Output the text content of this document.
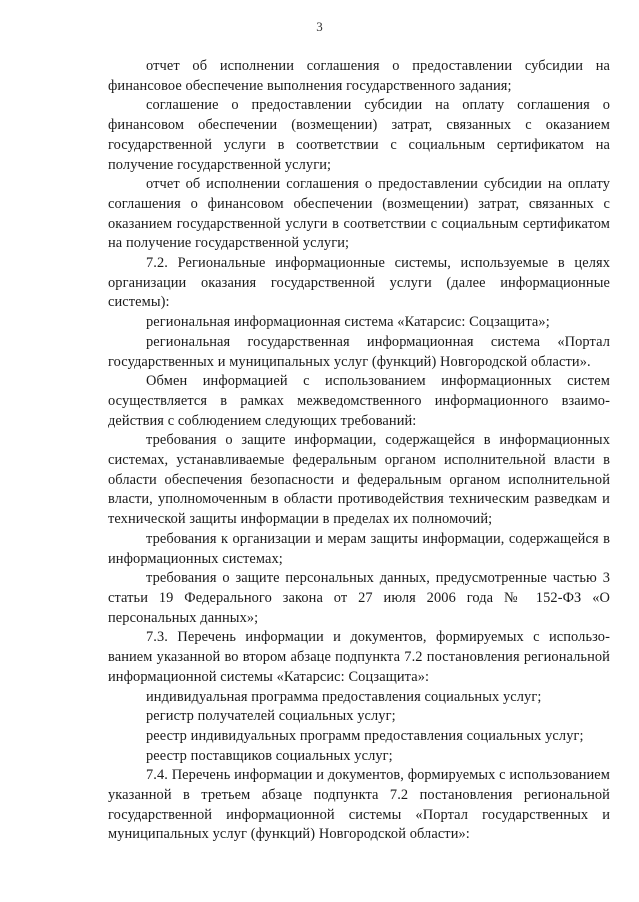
3

отчет об исполнении соглашения о предоставлении субсидии на финансовое обеспечение выполнения государственного задания;

соглашение о предоставлении субсидии на оплату соглашения о финансовом обеспечении (возмещении) затрат, связанных с оказанием государственной услуги в соответствии с социальным сертификатом на получение государственной услуги;

отчет об исполнении соглашения о предоставлении субсидии на оплату соглашения о финансовом обеспечении (возмещении) затрат, связанных с оказанием государственной услуги в соответствии с социальным сертификатом на получение государственной услуги;

7.2. Региональные информационные системы, используемые в целях организации оказания государственной услуги (далее информационные системы):

региональная информационная система «Катарсис: Соцзащита»;

региональная государственная информационная система «Портал государственных и муниципальных услуг (функций) Новгородской области».

Обмен информацией с использованием информационных систем осуществляется в рамках межведомственного информационного взаимо-действия с соблюдением следующих требований:

требования о защите информации, содержащейся в информационных системах, устанавливаемые федеральным органом исполнительной власти в области обеспечения безопасности и федеральным органом исполнительной власти, уполномоченным в области противодействия техническим разведкам и технической защиты информации в пределах их полномочий;

требования к организации и мерам защиты информации, содержащейся в информационных системах;

требования о защите персональных данных, предусмотренные частью 3 статьи 19 Федерального закона от 27 июля 2006 года № 152-ФЗ «О персональных данных»;

7.3. Перечень информации и документов, формируемых с использо-ванием указанной во втором абзаце подпункта 7.2 постановления региональной информационной системы «Катарсис: Соцзащита»:

индивидуальная программа предоставления социальных услуг;

регистр получателей социальных услуг;

реестр индивидуальных программ предоставления социальных услуг;

реестр поставщиков социальных услуг;

7.4. Перечень информации и документов, формируемых с использованием указанной в третьем абзаце подпункта 7.2 постановления региональной государственной информационной системы «Портал государственных и муниципальных услуг (функций) Новгородской области»:
